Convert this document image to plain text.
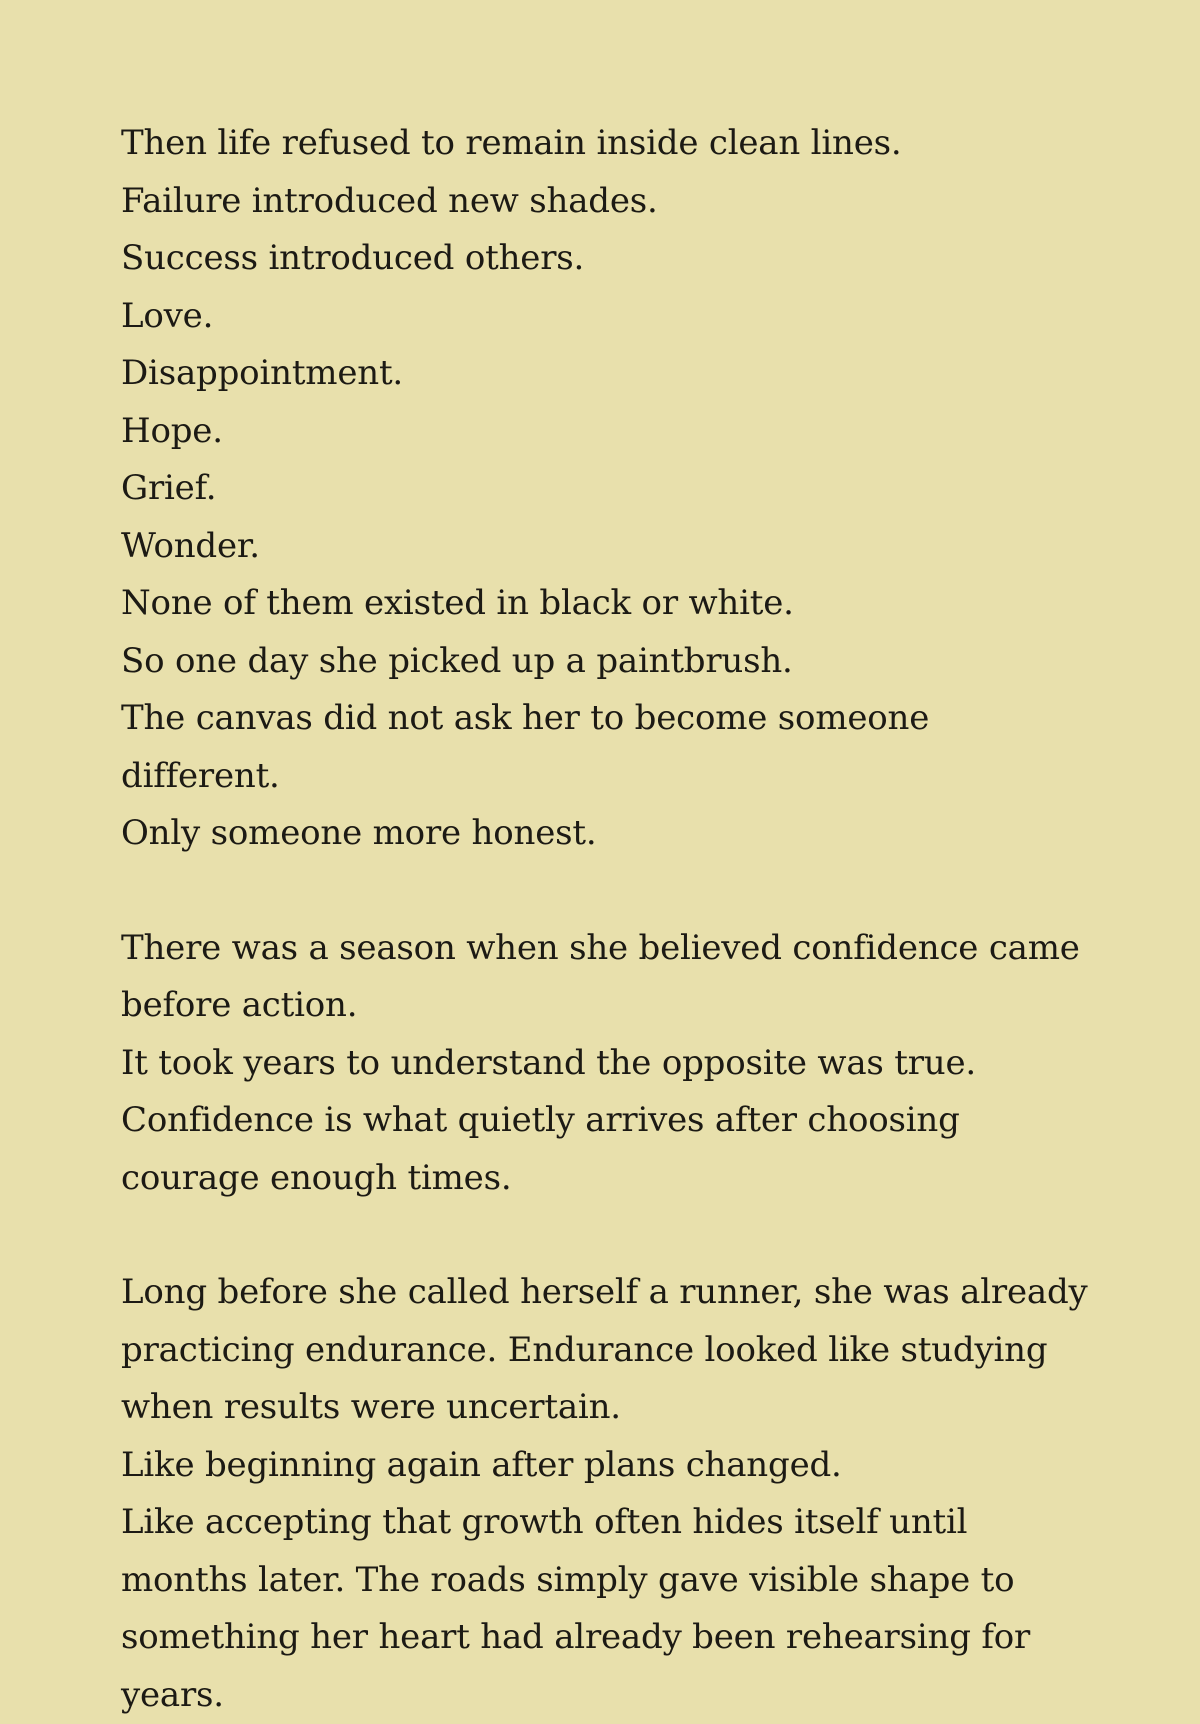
Then life refused to remain inside clean lines.

Failure introduced new shades.

Success introduced others.

Love.

Disappointment.

Hope.

Grief.

Wonder.

None of them existed in black or white.

So one day she picked up a paintbrush.

The canvas did not ask her to become someone different.

Only someone more honest.

There was a season when she believed confidence came before action.

It took years to understand the opposite was true.

Confidence is what quietly arrives after choosing courage enough times.

Long before she called herself a runner, she was already practicing endurance. Endurance looked like studying when results were uncertain.

Like beginning again after plans changed.

Like accepting that growth often hides itself until months later. The roads simply gave visible shape to something her heart had already been rehearsing for years.
